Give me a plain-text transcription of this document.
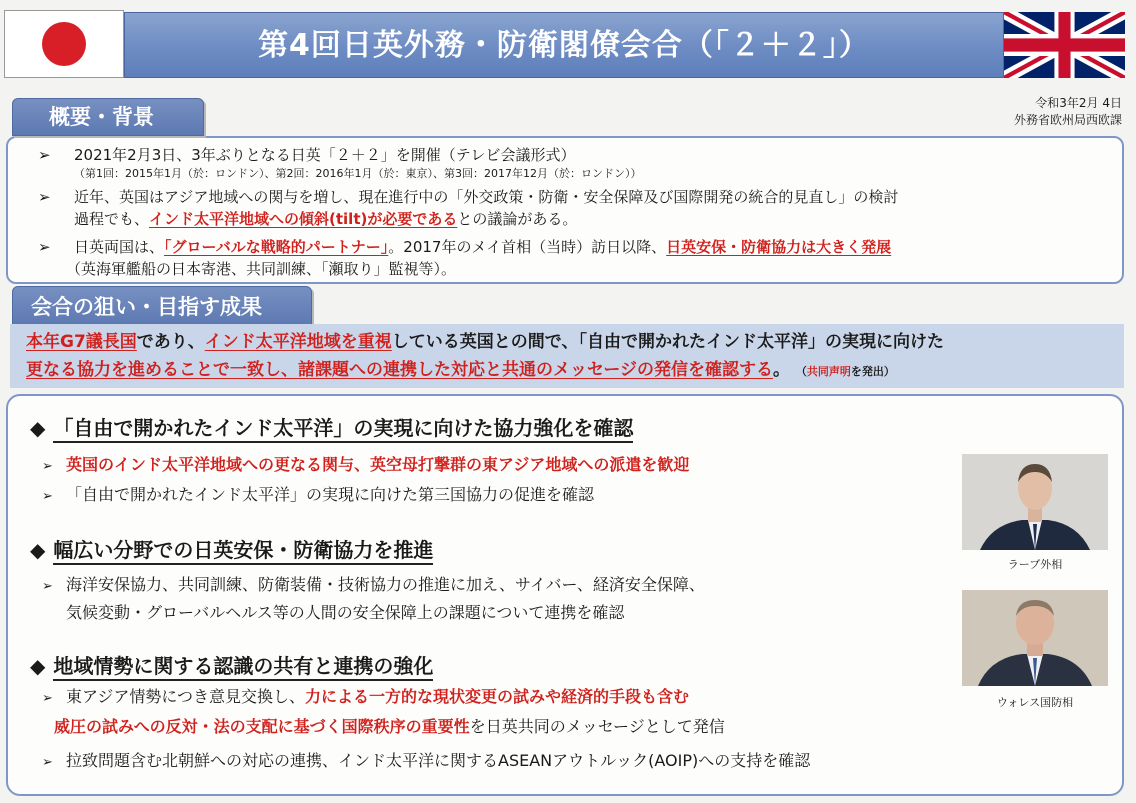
第4回日英外務・防衛閣僚会合（「２＋２」）
令和3年2月 4日
外務省欧州局西欧課
概要・背景
➢ 2021年2月3日、3年ぶりとなる日英「２＋２」を開催（テレビ会議形式）
（第1回：2015年1月（於：ロンドン）、第2回：2016年1月（於：東京）、第3回：2017年12月（於：ロンドン））
➢ 近年、英国はアジア地域への関与を増し、現在進行中の「外交政策・防衛・安全保障及び国際開発の統合的見直し」の検討
過程でも、インド太平洋地域への傾斜(tilt)が必要であるとの議論がある。
➢ 日英両国は、「グローバルな戦略的パートナー」。2017年のメイ首相（当時）訪日以降、日英安保・防衛協力は大きく発展
（英海軍艦船の日本寄港、共同訓練、「瀬取り」監視等）。
会合の狙い・目指す成果
本年G7議長国であり、インド太平洋地域を重視している英国との間で、「自由で開かれたインド太平洋」の実現に向けた
更なる協力を進めることで一致し、諸課題への連携した対応と共通のメッセージの発信を確認する。 （共同声明を発出）
◆ 「自由で開かれたインド太平洋」の実現に向けた協力強化を確認
➢ 英国のインド太平洋地域への更なる関与、英空母打撃群の東アジア地域への派遣を歓迎
➢ 「自由で開かれたインド太平洋」の実現に向けた第三国協力の促進を確認
◆ 幅広い分野での日英安保・防衛協力を推進
➢ 海洋安保協力、共同訓練、防衛装備・技術協力の推進に加え、サイバー、経済安全保障、
気候変動・グローバルヘルス等の人間の安全保障上の課題について連携を確認
◆ 地域情勢に関する認識の共有と連携の強化
➢ 東アジア情勢につき意見交換し、力による一方的な現状変更の試みや経済的手段も含む
威圧の試みへの反対・法の支配に基づく国際秩序の重要性を日英共同のメッセージとして発信
➢ 拉致問題含む北朝鮮への対応の連携、インド太平洋に関するASEANアウトルック(AOIP)への支持を確認
ラーブ外相
ウォレス国防相
